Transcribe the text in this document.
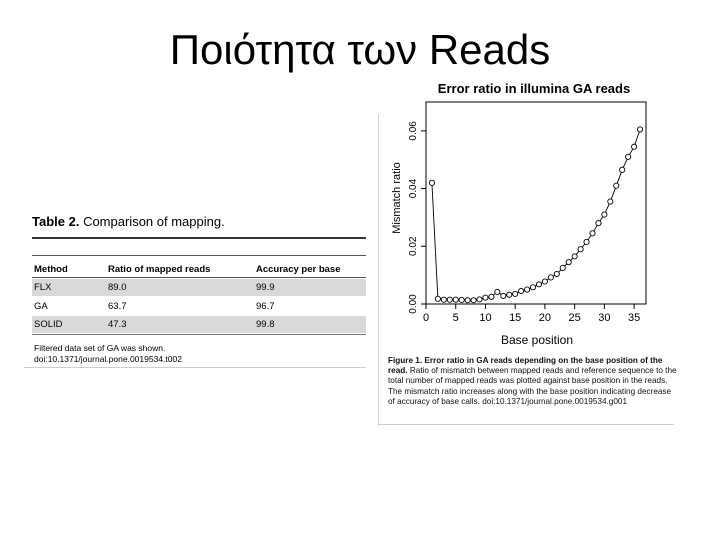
Ποιότητα των Reads
Table 2. Comparison of mapping.
Method	Ratio of mapped reads	Accuracy per base
FLX	89.0	99.9
GA	63.7	96.7
SOLID	47.3	99.8
Filtered data set of GA was shown.
doi:10.1371/journal.pone.0019534.t002
Error ratio in illumina GA reads
Base position
Mismatch ratio
0 5 10 15 20 25 30 35
0.00
0.02
0.04
0.06
Figure 1. Error ratio in GA reads depending on the base position of the read. Ratio of mismatch between mapped reads and reference sequence to the total number of mapped reads was plotted against base position in the reads. The mismatch ratio increases along with the base position indicating decrease of accuracy of base calls. doi:10.1371/journal.pone.0019534.g001
